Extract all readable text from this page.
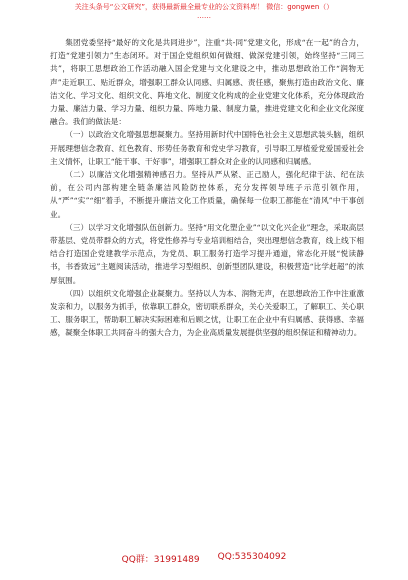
关注头条号“公文研究”，获得最新最全最专业的公文资料库！ 微信：gongwen（）
……

集团党委坚持“最好的文化是共同进步”，注重“共-同”党建文化，形成“在一起”的合力，打造“党建引领力”生态闭环。对于国企党组织如何做细、做深党建引领，始终坚持“三同三共”，将职工思想政治工作活动融入国企党建与文化建设之中，推动思想政治工作“润物无声”走近职工、贴近群众，增强职工群众认同感、归属感、责任感，聚焦打造由政治文化、廉洁文化、学习文化、组织文化、阵地文化、制度文化构成的企业党建文化体系，充分体现政治力量、廉洁力量、学习力量、组织力量、阵地力量、制度力量，推进党建文化和企业文化深度融合。我们的做法是：

（一）以政治文化增强思想凝聚力。坚持用新时代中国特色社会主义思想武装头脑，组织开展理想信念教育、红色教育、形势任务教育和党史学习教育，引导职工厚植爱党爱国爱社会主义情怀，让职工“能干事、干好事”，增强职工群众对企业的认同感和归属感。

（二）以廉洁文化增强精神感召力。坚持从严从紧、正己励人，强化纪律于法、纪在法前，在公司内部构建全链条廉洁风险防控体系，充分发挥领导班子示范引领作用，从“严”“实”“细”着手，不断提升廉洁文化工作质量，确保每一位职工都能在“清风”中干事创业。

（三）以学习文化增强队伍创新力。坚持“用文化塑企业”“以文化兴企业”理念，采取高层带基层、党员带群众的方式，将党性修养与专业培训相结合，突出理想信念教育，线上线下相结合打造国企党建教学示范点，为党员、职工服务打造学习提升通道，常态化开展“悦读静书，书香致远”主题阅读活动，推进学习型组织、创新型团队建设，积极营造“比学赶超”的浓厚氛围。

（四）以组织文化增强企业凝聚力。坚持以人为本、润物无声，在思想政治工作中注重激发亲和力，以服务为抓手，依靠职工群众，密切联系群众，关心关爱职工，了解职工、关心职工、服务职工，帮助职工解决实际困难和后顾之忧，让职工在企业中有归属感、获得感、幸福感，凝聚全体职工共同奋斗的强大合力，为企业高质量发展提供坚强的组织保证和精神动力。

QQ群：31991489 QQ:535304092
